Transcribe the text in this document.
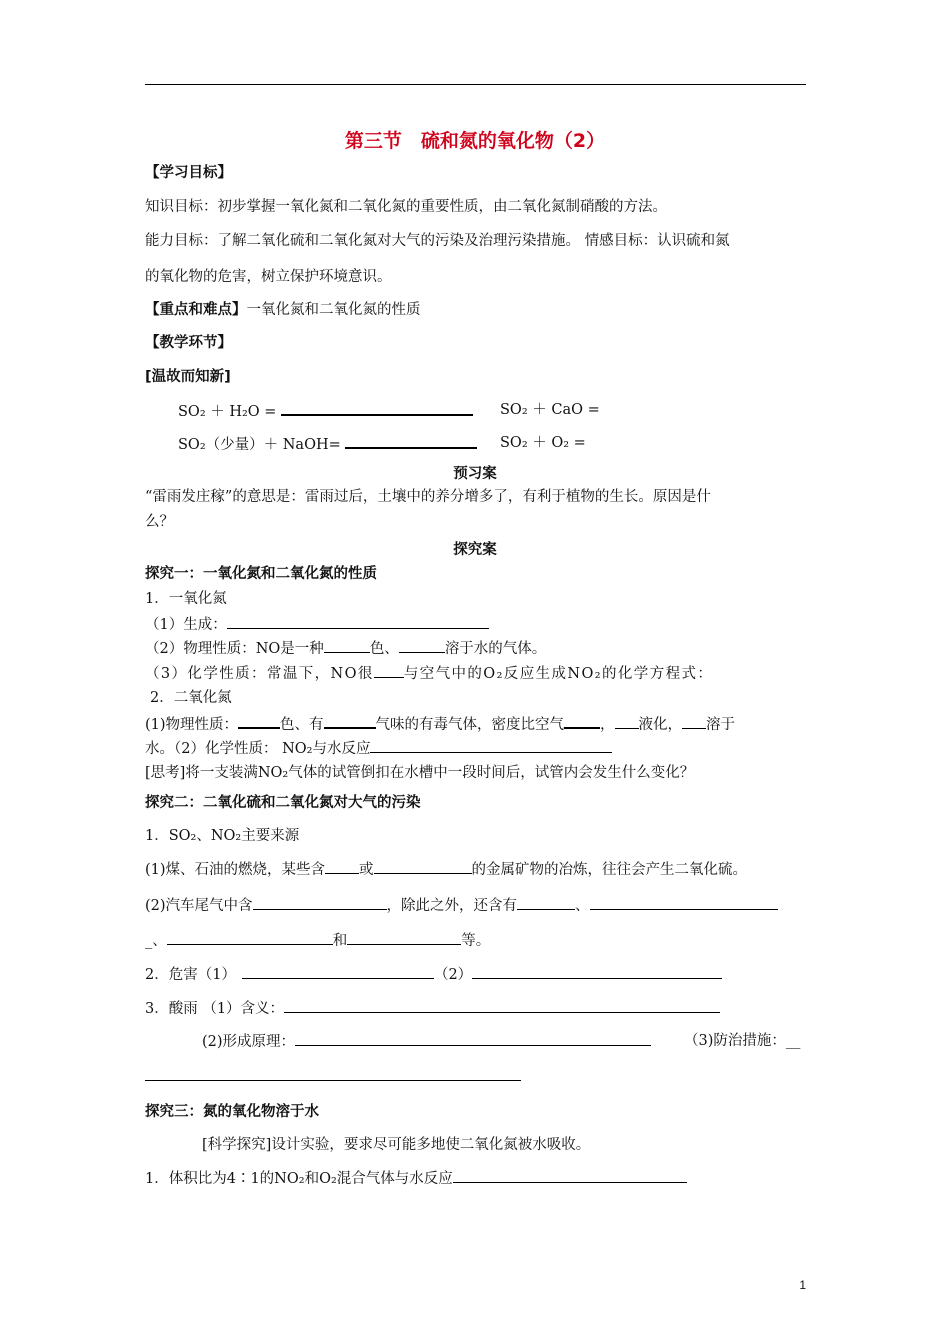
第三节　硫和氮的氧化物（2）
【学习目标】
知识目标：初步掌握一氧化氮和二氧化氮的重要性质，由二氧化氮制硝酸的方法。
能力目标：了解二氧化硫和二氧化氮对大气的污染及治理污染措施。 情感目标：认识硫和氮
的氧化物的危害，树立保护环境意识。
【重点和难点】一氧化氮和二氧化氮的性质
【教学环节】
[温故而知新]
SO₂ ＋ H₂O =	SO₂ ＋ CaO =
SO₂（少量）＋ NaOH=	SO₂ ＋ O₂ =
预习案
“雷雨发庄稼”的意思是：雷雨过后，土壤中的养分增多了，有利于植物的生长。原因是什
么？
探究案
探究一：一氧化氮和二氧化氮的性质
1．一氧化氮
（1）生成：
（2）物理性质：NO是一种	色、	溶于水的气体。
（3）化学性质：常温下，NO很 与空气中的O₂反应生成NO₂的化学方程式：
2．二氧化氮
(1)物理性质：	色、有	气味的有毒气体，密度比空气 ， 液化， 溶于
水。（2）化学性质： NO₂与水反应
[思考]将一支装满NO₂气体的试管倒扣在水槽中一段时间后，试管内会发生什么变化？
探究二：二氧化硫和二氧化氮对大气的污染
1．SO₂、NO₂主要来源
(1)煤、石油的燃烧，某些含 或	的金属矿物的冶炼，往往会产生二氧化硫。
(2)汽车尾气中含	，除此之外，还含有	、
_、	和	等。
2．危害（1）	（2）
3．酸雨 （1）含义：
(2)形成原理：	（3)防治措施：__
探究三：氮的氧化物溶于水
[科学探究]设计实验，要求尽可能多地使二氧化氮被水吸收。
1．体积比为4∶1的NO₂和O₂混合气体与水反应
1
